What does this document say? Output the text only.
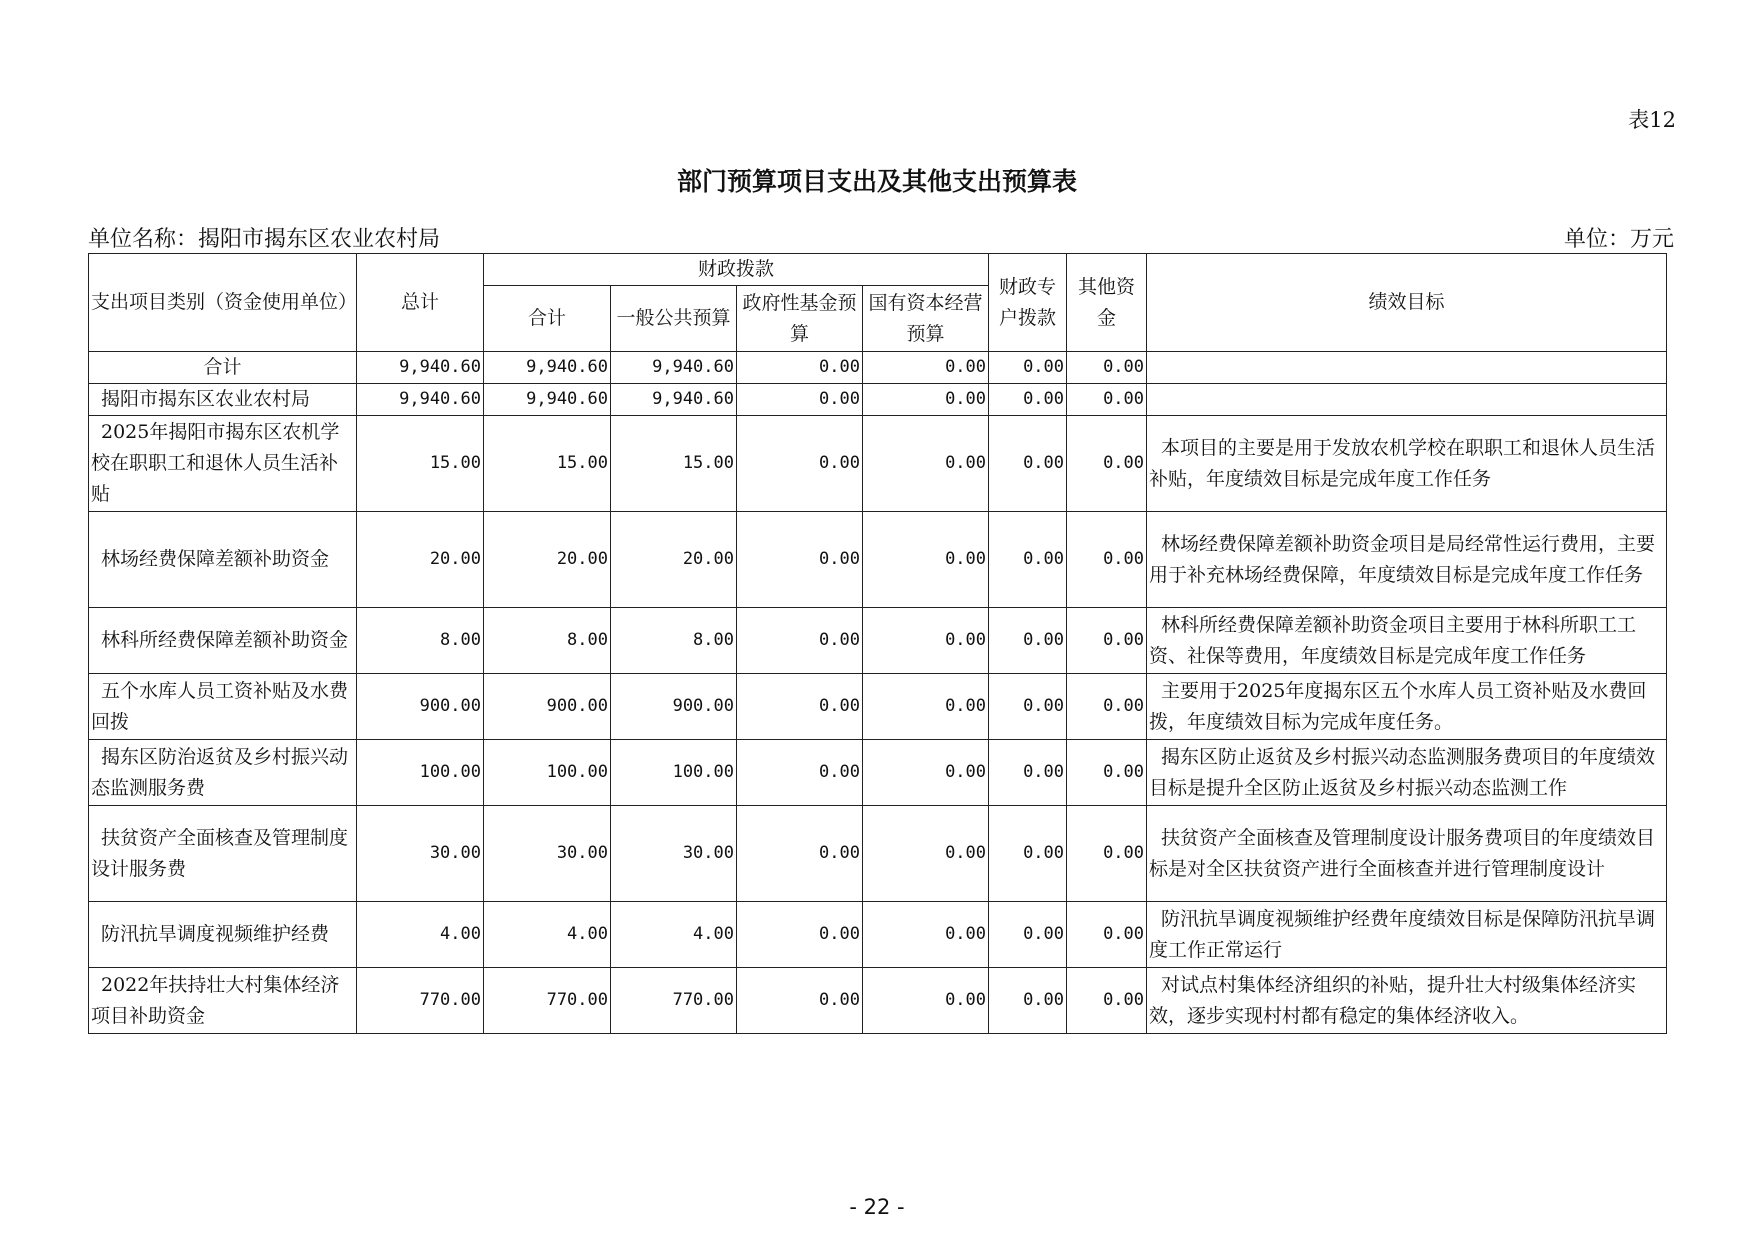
表12
部门预算项目支出及其他支出预算表
单位名称：揭阳市揭东区农业农村局	单位：万元
支出项目类别（资金使用单位）	总计	财政拨款				财政专户拨款	其他资金	绩效目标
		合计	一般公共预算	政府性基金预算	国有资本经营预算			
合计	9,940.60	9,940.60	9,940.60	0.00	0.00	0.00	0.00	
揭阳市揭东区农业农村局	9,940.60	9,940.60	9,940.60	0.00	0.00	0.00	0.00	
2025年揭阳市揭东区农机学校在职职工和退休人员生活补贴	15.00	15.00	15.00	0.00	0.00	0.00	0.00	本项目的主要是用于发放农机学校在职职工和退休人员生活补贴，年度绩效目标是完成年度工作任务
林场经费保障差额补助资金	20.00	20.00	20.00	0.00	0.00	0.00	0.00	林场经费保障差额补助资金项目是局经常性运行费用，主要用于补充林场经费保障，年度绩效目标是完成年度工作任务
林科所经费保障差额补助资金	8.00	8.00	8.00	0.00	0.00	0.00	0.00	林科所经费保障差额补助资金项目主要用于林科所职工工资、社保等费用，年度绩效目标是完成年度工作任务
五个水库人员工资补贴及水费回拨	900.00	900.00	900.00	0.00	0.00	0.00	0.00	主要用于2025年度揭东区五个水库人员工资补贴及水费回拨，年度绩效目标为完成年度任务。
揭东区防治返贫及乡村振兴动态监测服务费	100.00	100.00	100.00	0.00	0.00	0.00	0.00	揭东区防止返贫及乡村振兴动态监测服务费项目的年度绩效目标是提升全区防止返贫及乡村振兴动态监测工作
扶贫资产全面核查及管理制度设计服务费	30.00	30.00	30.00	0.00	0.00	0.00	0.00	扶贫资产全面核查及管理制度设计服务费项目的年度绩效目标是对全区扶贫资产进行全面核查并进行管理制度设计
防汛抗旱调度视频维护经费	4.00	4.00	4.00	0.00	0.00	0.00	0.00	防汛抗旱调度视频维护经费年度绩效目标是保障防汛抗旱调度工作正常运行
2022年扶持壮大村集体经济项目补助资金	770.00	770.00	770.00	0.00	0.00	0.00	0.00	对试点村集体经济组织的补贴，提升壮大村级集体经济实效，逐步实现村村都有稳定的集体经济收入。
- 22 -
